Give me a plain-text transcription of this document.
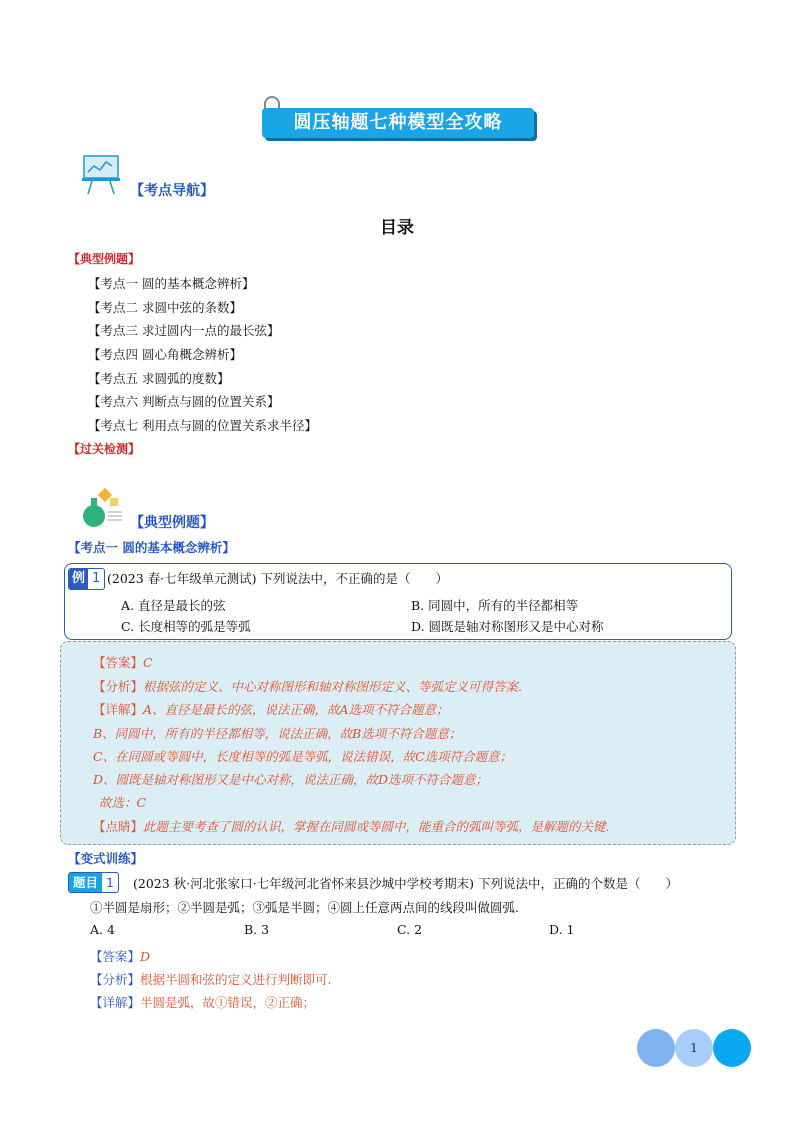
圆压轴题七种模型全攻略
【考点导航】
目录
【典型例题】
【考点一 圆的基本概念辨析】
【考点二 求圆中弦的条数】
【考点三 求过圆内一点的最长弦】
【考点四 圆心角概念辨析】
【考点五 求圆弧的度数】
【考点六 判断点与圆的位置关系】
【考点七 利用点与圆的位置关系求半径】
【过关检测】
【典型例题】
【考点一 圆的基本概念辨析】
例 1 (2023 春·七年级单元测试) 下列说法中，不正确的是（　　）
A. 直径是最长的弦	B. 同圆中，所有的半径都相等
C. 长度相等的弧是等弧	D. 圆既是轴对称图形又是中心对称
【答案】C
【分析】根据弦的定义、中心对称图形和轴对称图形定义、等弧定义可得答案.
【详解】A、直径是最长的弦，说法正确，故A选项不符合题意；
B、同圆中，所有的半径都相等，说法正确，故B选项不符合题意；
C、在同圆或等圆中，长度相等的弧是等弧，说法错误，故C选项符合题意；
D、圆既是轴对称图形又是中心对称，说法正确，故D选项不符合题意；
故选：C
【点睛】此题主要考查了圆的认识，掌握在同圆或等圆中，能重合的弧叫等弧，是解题的关键.
【变式训练】
题目 1	(2023 秋·河北张家口·七年级河北省怀来县沙城中学校考期末) 下列说法中，正确的个数是（　　）
①半圆是扇形；②半圆是弧；③弧是半圆；④圆上任意两点间的线段叫做圆弧.
A. 4	B. 3	C. 2	D. 1
【答案】D
【分析】根据半圆和弦的定义进行判断即可.
【详解】半圆是弧，故①错误，②正确；
1
